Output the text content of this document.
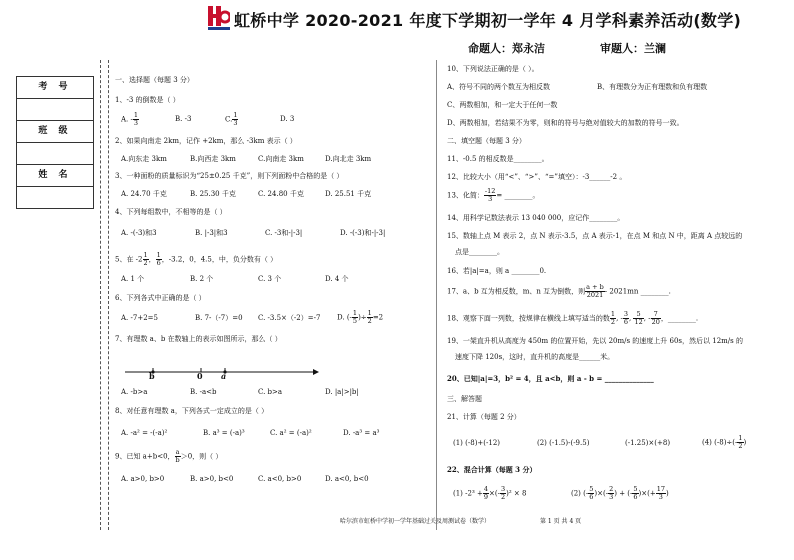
虹桥中学 2020-2021 年度下学期初一学年 4 月学科素养活动(数学)
命题人：郑永洁	审题人：兰澜
考 号
班 级
姓 名
一、选择题（每题 3 分）
1、-3 的倒数是（ ）
A. - $\frac{1}{3}$	B. -3	C. $\frac{1}{3}$	D. 3
2、如果向南走 2km，记作 +2km，那么 -3km 表示（ ）
A.向东走 3km	B.向西走 3km	C.向南走 3km	D.向北走 3km
3、一种面粉的质量标识为“25±0.25 千克”，则下列面粉中合格的是（ ）
A. 24.70 千克	B. 25.30 千克	C. 24.80 千克	D. 25.51 千克
4、下列每组数中，不相等的是（ ）
A. -(-3)和3	B. |-3|和3	C. -3和-|-3|	D. -(-3)和-|-3|
5、在 $-2 \frac{1}{2}$ ， $\frac{1}{6}$ ，-3.2，0，4.5，中，负分数有（ ）
A. 1 个	B. 2 个	C. 3 个	D. 4 个
6、下列各式中正确的是（ ）
A. -7+2=5	B. 7-（-7）=0 C. -3.5×（-2）=-7 D. (- $\frac{1}{5}$ )÷ $\frac{1}{2} =2$
7、有理数 a、b 在数轴上的表示如图所示，那么（ ）
b	0 a
A. -b>a	B. -a<b	C. b>a	D. |a|>|b|
8、对任意有理数 a，下列各式一定成立的是（ ）
A. -a² = -(-a)²	B. a³ = (-a)³	C. a² = (-a)²	D. -a³ = a³
9、已知 a+b<0， $\frac{a}{b} >0$，则（ ）
A. a>0, b>0	B. a>0, b<0	C. a<0, b>0	D. a<0, b<0
10、下列说法正确的是（ ）。
A、符号不同的两个数互为相反数	B、有理数分为正有理数和负有理数
C、两数相加，和一定大于任何一数
D、两数相加，若结果不为零，则和的符号与绝对值较大的加数的符号一致。
二、填空题（每题 3 分）
11、-0.5 的相反数是________。
12、比较大小（用“<”、“>”、“=”填空）：-3______-2 。
13、化简： $\frac{-12}{3}$ = ________。
14、用科学记数法表示 13 040 000，应记作________。
15、数轴上点 M 表示 2，点 N 表示-3.5，点 A 表示-1，在点 M 和点 N 中，距离 A 点较远的
点是________。
16、若|a|=a，则 a ________0.
17、a、b 互为相反数，m、n 互为倒数，则 $\frac{a + b}{2021} - 2021mn$ ________.
18、观察下面一列数，按规律在横线上填写适当的数 $\frac{1}{2}$ , - $\frac{3}{6}$ , $\frac{5}{12}$ , - $\frac{7}{20}$ ，________.
19、一架直升机从高度为 450m 的位置开始，先以 20m/s 的速度上升 60s，然后以 12m/s 的
速度下降 120s，这时，直升机的高度是______米。
20、已知|a|=3，b² = 4，且 a<b，则 a - b = ______________
三、解答题
21、计算（每题 2 分）
(1) (-8)+(-12)	(2) (-1.5)-(-9.5)	(-1.25)×(+8)	(4) $(-8)\div(- \frac{1}{2}$ )
22、混合计算（每题 3 分）
(1) $-2^3 + \frac{4}{9}$ ×(- $\frac{3}{2} )^2 \times 8$	(2) (- $\frac{5}{6}$ )×(- $\frac{2}{3}$ ) + (- $\frac{5}{6}$ )×(+ $\frac{17}{3}$ )
哈尔滨市虹桥中学初一学年基础过关及周测试卷（数学）	第 1 页 共 4 页
